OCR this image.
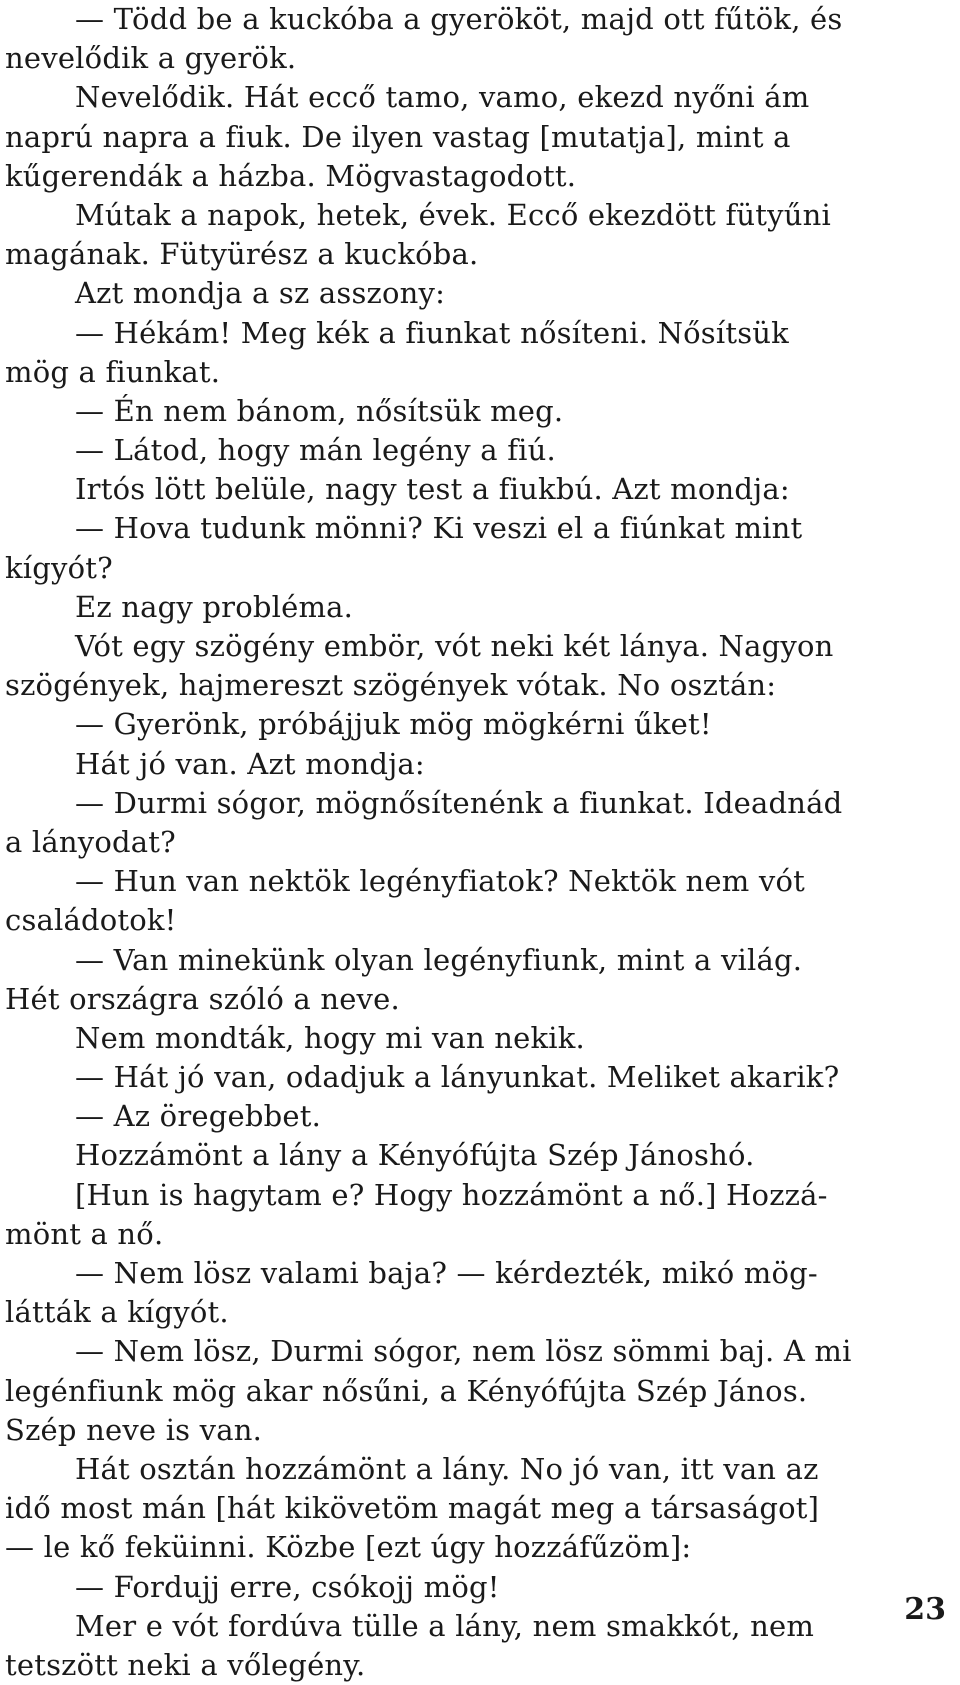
— Tödd be a kuckóba a gyerököt, majd ott fűtök, és
nevelődik a gyerök.
Nevelődik. Hát eccő tamo, vamo, ekezd nyőni ám
naprú napra a fiuk. De ilyen vastag [mutatja], mint a
kűgerendák a házba. Mögvastagodott.
Mútak a napok, hetek, évek. Eccő ekezdött fütyűni
magának. Fütyürész a kuckóba.
Azt mondja a sz asszony:
— Hékám! Meg kék a fiunkat nősíteni. Nősítsük
mög a fiunkat.
— Én nem bánom, nősítsük meg.
— Látod, hogy mán legény a fiú.
Irtós lött belüle, nagy test a fiukbú. Azt mondja:
— Hova tudunk mönni? Ki veszi el a fiúnkat mint
kígyót?
Ez nagy probléma.
Vót egy szögény embör, vót neki két lánya. Nagyon
szögények, hajmereszt szögények vótak. No osztán:
— Gyerönk, próbájjuk mög mögkérni űket!
Hát jó van. Azt mondja:
— Durmi sógor, mögnősítenénk a fiunkat. Ideadnád
a lányodat?
— Hun van nektök legényfiatok? Nektök nem vót
családotok!
— Van minekünk olyan legényfiunk, mint a világ.
Hét országra szóló a neve.
Nem mondták, hogy mi van nekik.
— Hát jó van, odadjuk a lányunkat. Meliket akarik?
— Az öregebbet.
Hozzámönt a lány a Kényófújta Szép Jánoshó.
[Hun is hagytam e? Hogy hozzámönt a nő.] Hozzá-
mönt a nő.
— Nem lösz valami baja? — kérdezték, mikó mög-
látták a kígyót.
— Nem lösz, Durmi sógor, nem lösz sömmi baj. A mi
legénfiunk mög akar nősűni, a Kényófújta Szép János.
Szép neve is van.
Hát osztán hozzámönt a lány. No jó van, itt van az
idő most mán [hát kikövetöm magát meg a társaságot]
— le kő feküinni. Közbe [ezt úgy hozzáfűzöm]:
— Fordujj erre, csókojj mög!
Mer e vót fordúva tülle a lány, nem smakkót, nem
tetszött neki a vőlegény.
23
